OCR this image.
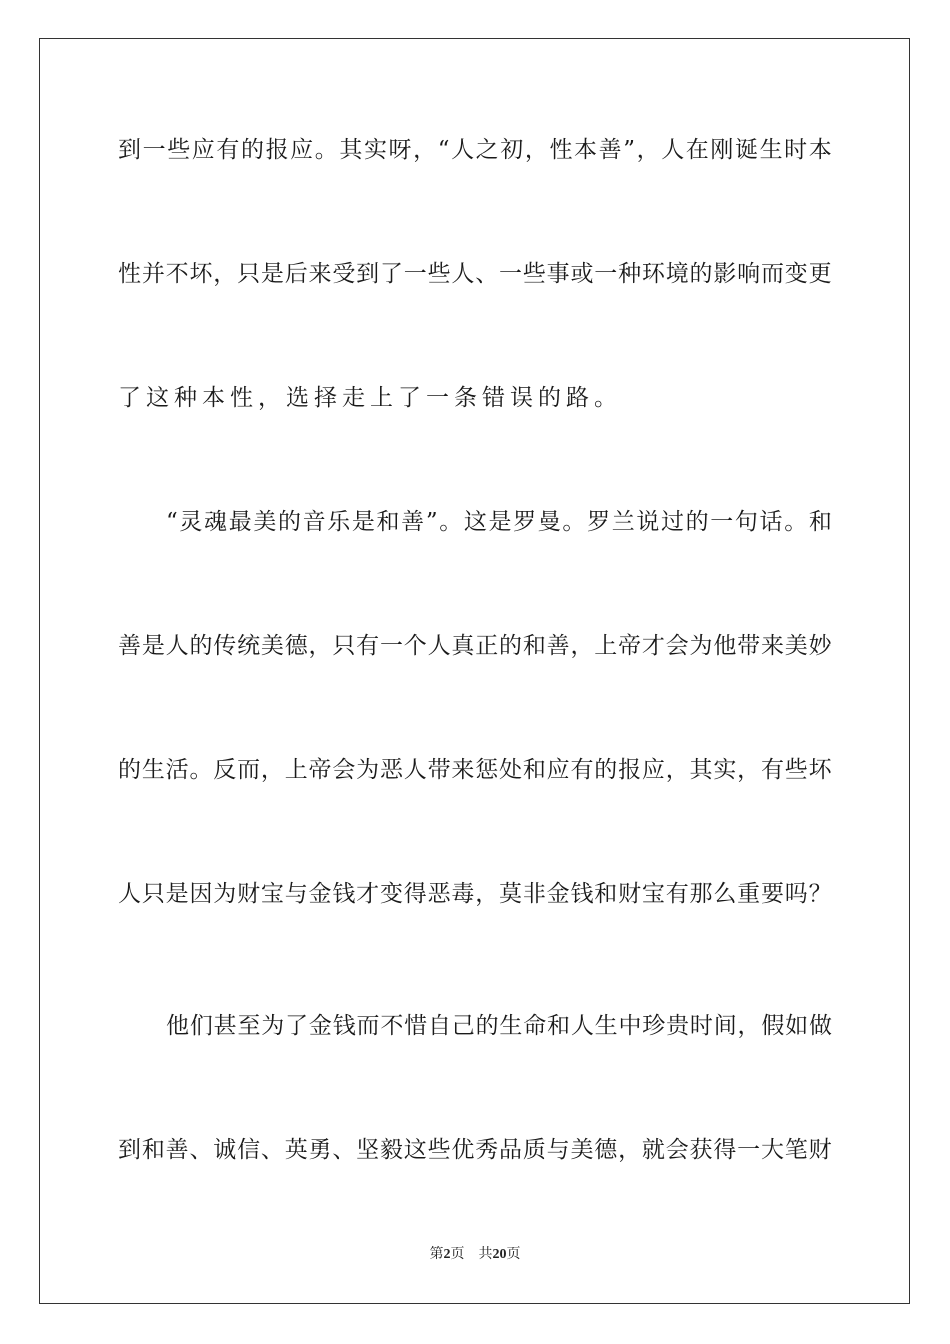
到 一 些 应 有 的 报 应 。 其 实 呀 ， “ 人 之 初 ， 性 本 善 ” ， 人 在 刚 诞 生 时 本
性 并 不 坏 ， 只 是 后 来 受 到 了 一 些 人 、 一 些 事 或 一 种 环 境 的 影 响 而 变 更
了这种本性，选择走上了一条错误的路。
“ 灵 魂 最 美 的 音 乐 是 和 善 ” 。 这 是 罗 曼 。 罗 兰 说 过 的 一 句 话 。 和
善 是 人 的 传 统 美 德 ， 只 有 一 个 人 真 正 的 和 善 ， 上 帝 才 会 为 他 带 来 美 妙
的 生 活 。 反 而 ， 上 帝 会 为 恶 人 带 来 惩 处 和 应 有 的 报 应 ， 其 实 ， 有 些 坏
人 只 是 因 为 财 宝 与 金 钱 才 变 得 恶 毒 ， 莫 非 金 钱 和 财 宝 有 那 么 重 要 吗 ？
他 们 甚 至 为 了 金 钱 而 不 惜 自 己 的 生 命 和 人 生 中 珍 贵 时 间 ， 假 如 做
到 和 善 、 诚 信 、 英 勇 、 坚 毅 这 些 优 秀 品 质 与 美 德 ， 就 会 获 得 一 大 笔 财
第2页　共20页
